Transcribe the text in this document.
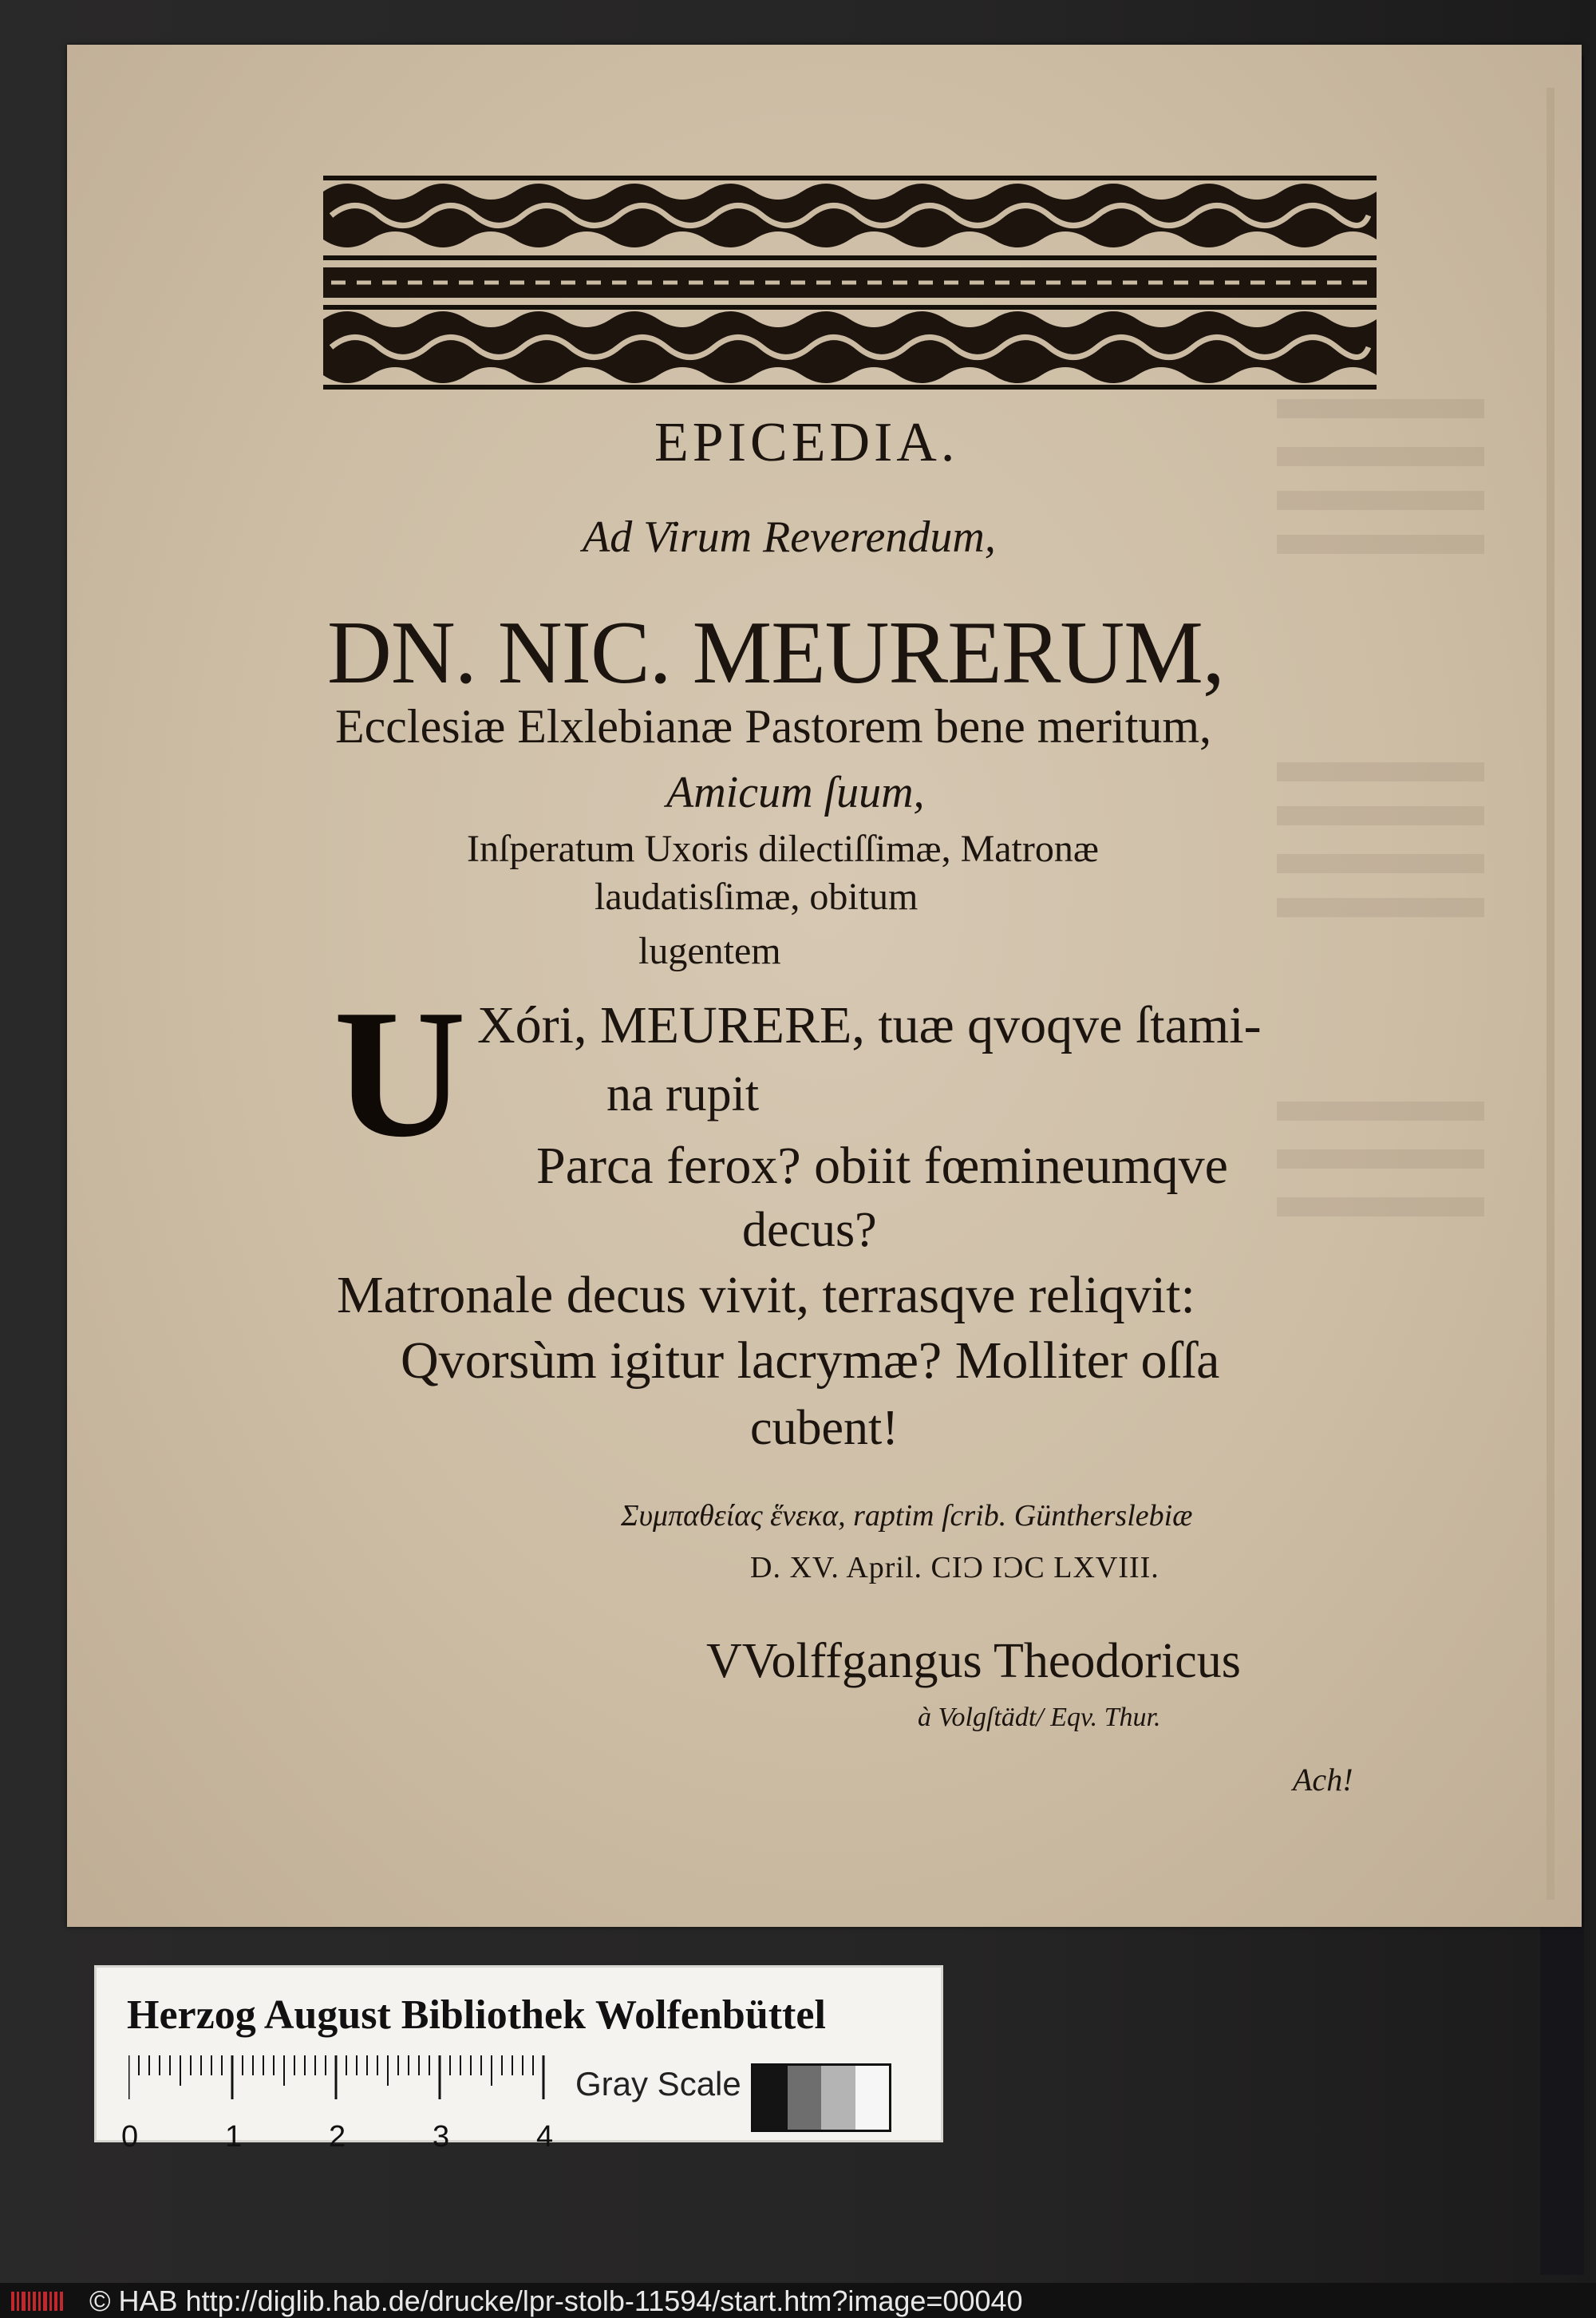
EPICEDIA.
Ad Virum Reverendum,
DN. NIC. MEURERUM,
Ecclesiæ Elxlebianæ Pastorem bene meritum,
Amicum ſuum,
Inſperatum Uxoris dilectiſſimæ, Matronæ
laudatisſimæ, obitum
lugentem
U Xóri, MEURERE, tuæ qvoqve ſtami-
na rupit
Parca ferox? obiit fœmineumqve
decus?
Matronale decus vivit, terrasqve reliqvit:
Qvorsùm igitur lacrymæ? Molliter oſſa
cubent!
Συμπαθείας ἕνεκα, raptim ſcrib. Güntherslebiæ
D. XV. April. CIƆ IƆC LXVIII.
VVolffgangus Theodoricus
à Volgſtädt/ Eqv. Thur.
Ach!
Herzog August Bibliothek Wolfenbüttel
Gray Scale
0	1	2	3	4
© HAB http://diglib.hab.de/drucke/lpr-stolb-11594/start.htm?image=00040
